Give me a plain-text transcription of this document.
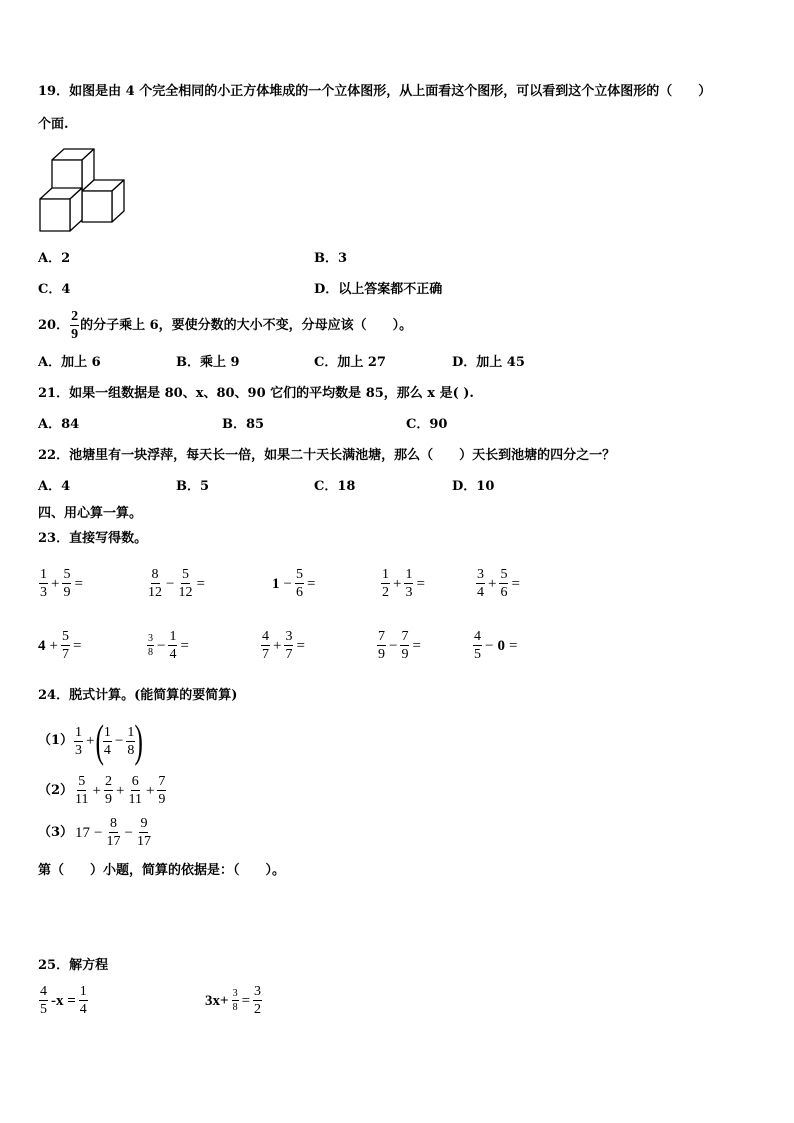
19．如图是由 4 个完全相同的小正方体堆成的一个立体图形，从上面看这个图形，可以看到这个立体图形的（　　）
个面.
A．2	B．3
C．4	D．以上答案都不正确
20． $\frac{2}{9}$ 的分子乘上 6，要使分数的大小不变，分母应该（　　）。
A．加上 6	B．乘上 9	C．加上 27	D．加上 45
21．如果一组数据是 80、x、80、90 它们的平均数是 85，那么 x 是( ).
A．84	B．85	C．90
22．池塘里有一块浮萍，每天长一倍，如果二十天长满池塘，那么（　　）天长到池塘的四分之一？
A．4	B．5	C．18	D．10
四、用心算一算。
23．直接写得数。
$\frac{1}{3} + \frac{5}{9}$ =	$\frac{8}{12} - \frac{5}{12}$ =	$1 - \frac{5}{6}$ =	$\frac{1}{2} + \frac{1}{3}$ =	$\frac{3}{4} + \frac{5}{6}$ =
$4 + \frac{5}{7}$ =	$\frac{3}{8} - \frac{1}{4}$ =	$\frac{4}{7} + \frac{3}{7}$ =	$\frac{7}{9} - \frac{7}{9}$ =	$\frac{4}{5} - 0$ =
24．脱式计算。(能简算的要简算)
$(1) \frac{1}{3}$ + ( $\frac{1}{4} - \frac{1}{8}$ )
$(2) \frac{5}{11} + \frac{2}{9} + \frac{6}{11} + \frac{7}{9}$
（3） $17 - \frac{8}{17} - \frac{9}{17}$
第（　　）小题，简算的依据是：（　　）。
25．解方程
$\frac{4}{5} -x = \frac{1}{4}$	$3x+ \frac{3}{8} = \frac{3}{2}$
